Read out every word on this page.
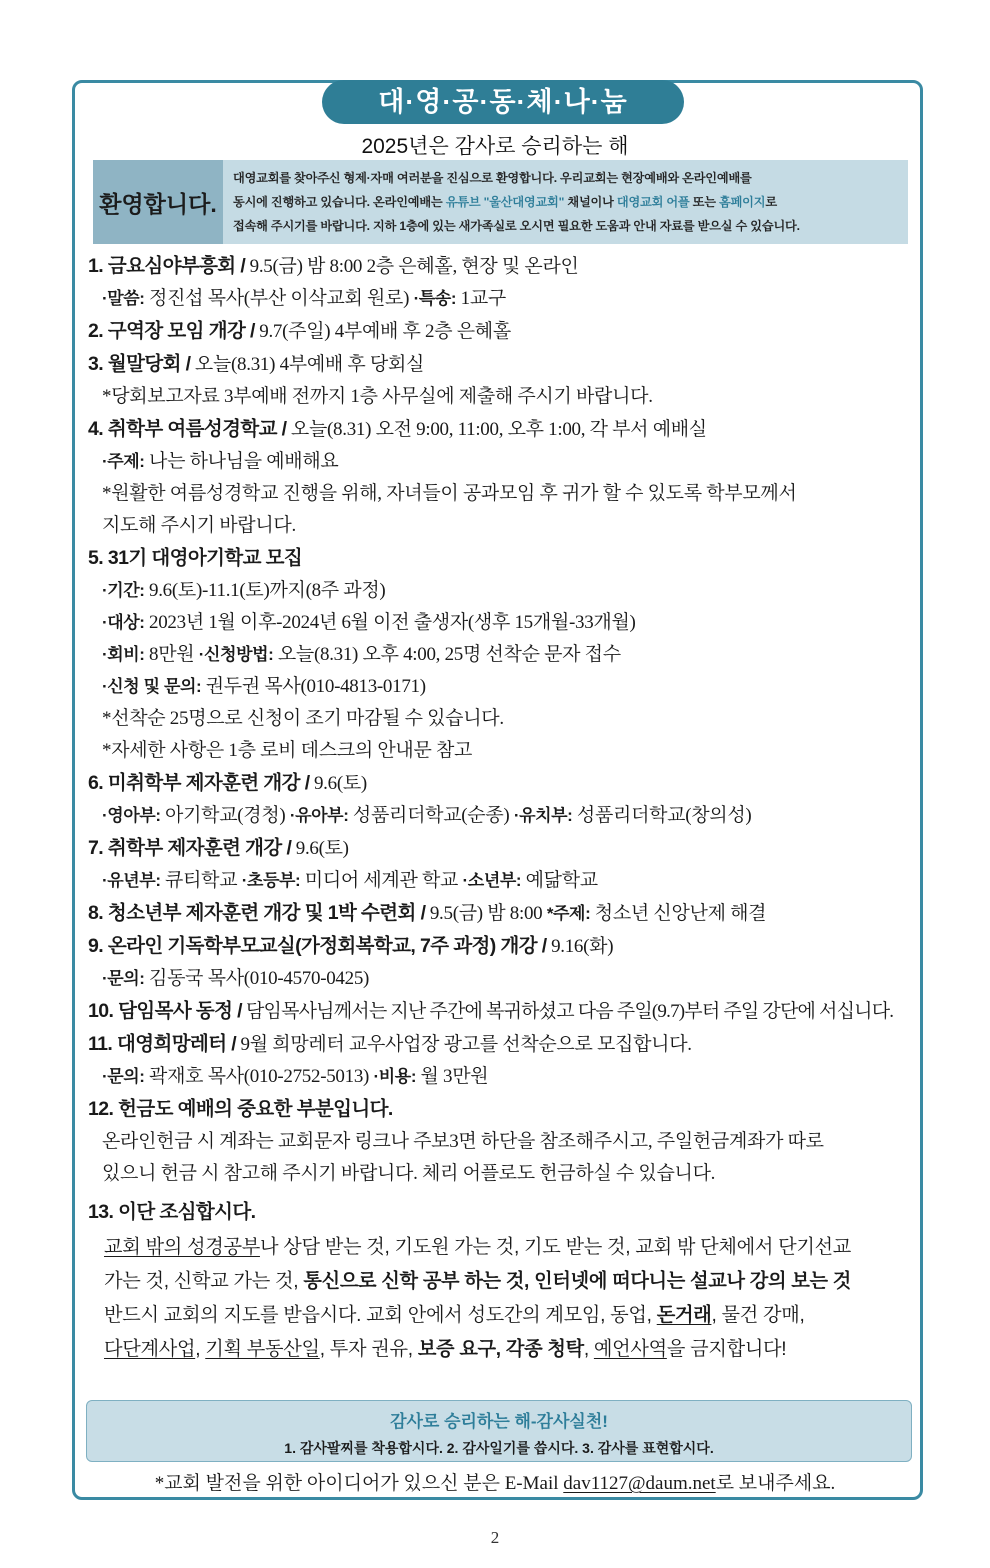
대·영·공·동·체·나·눔
2025년은 감사로 승리하는 해
환영합니다.
대영교회를 찾아주신 형제·자매 여러분을 진심으로 환영합니다. 우리교회는 현장예배와 온라인예배를
동시에 진행하고 있습니다. 온라인예배는 유튜브 "울산대영교회" 채널이나 대영교회 어플 또는 홈페이지로
접속해 주시기를 바랍니다. 지하 1층에 있는 새가족실로 오시면 필요한 도움과 안내 자료를 받으실 수 있습니다.
1. 금요심야부흥회 / 9.5(금) 밤 8:00 2층 은혜홀, 현장 및 온라인
·말씀: 정진섭 목사(부산 이삭교회 원로) ·특송: 1교구
2. 구역장 모임 개강 / 9.7(주일) 4부예배 후 2층 은혜홀
3. 월말당회 / 오늘(8.31) 4부예배 후 당회실
*당회보고자료 3부예배 전까지 1층 사무실에 제출해 주시기 바랍니다.
4. 취학부 여름성경학교 / 오늘(8.31) 오전 9:00, 11:00, 오후 1:00, 각 부서 예배실
·주제: 나는 하나님을 예배해요
*원활한 여름성경학교 진행을 위해, 자녀들이 공과모임 후 귀가 할 수 있도록 학부모께서
지도해 주시기 바랍니다.
5. 31기 대영아기학교 모집
·기간: 9.6(토)-11.1(토)까지(8주 과정)
·대상: 2023년 1월 이후-2024년 6월 이전 출생자(생후 15개월-33개월)
·회비: 8만원 ·신청방법: 오늘(8.31) 오후 4:00, 25명 선착순 문자 접수
·신청 및 문의: 권두권 목사(010-4813-0171)
*선착순 25명으로 신청이 조기 마감될 수 있습니다.
*자세한 사항은 1층 로비 데스크의 안내문 참고
6. 미취학부 제자훈련 개강 / 9.6(토)
·영아부: 아기학교(경청) ·유아부: 성품리더학교(순종) ·유치부: 성품리더학교(창의성)
7. 취학부 제자훈련 개강 / 9.6(토)
·유년부: 큐티학교 ·초등부: 미디어 세계관 학교 ·소년부: 예닮학교
8. 청소년부 제자훈련 개강 및 1박 수련회 / 9.5(금) 밤 8:00 *주제: 청소년 신앙난제 해결
9. 온라인 기독학부모교실(가정회복학교, 7주 과정) 개강 / 9.16(화)
·문의: 김동국 목사(010-4570-0425)
10. 담임목사 동정 / 담임목사님께서는 지난 주간에 복귀하셨고 다음 주일(9.7)부터 주일 강단에 서십니다.
11. 대영희망레터 / 9월 희망레터 교우사업장 광고를 선착순으로 모집합니다.
·문의: 곽재호 목사(010-2752-5013) ·비용: 월 3만원
12. 헌금도 예배의 중요한 부분입니다.
온라인헌금 시 계좌는 교회문자 링크나 주보3면 하단을 참조해주시고, 주일헌금계좌가 따로
있으니 헌금 시 참고해 주시기 바랍니다. 체리 어플로도 헌금하실 수 있습니다.
13. 이단 조심합시다.
교회 밖의 성경공부나 상담 받는 것, 기도원 가는 것, 기도 받는 것, 교회 밖 단체에서 단기선교
가는 것, 신학교 가는 것, 통신으로 신학 공부 하는 것, 인터넷에 떠다니는 설교나 강의 보는 것
반드시 교회의 지도를 받읍시다. 교회 안에서 성도간의 계모임, 동업, 돈거래, 물건 강매,
다단계사업, 기획 부동산일, 투자 권유, 보증 요구, 각종 청탁, 예언사역을 금지합니다!
감사로 승리하는 해-감사실천!
1. 감사팔찌를 착용합시다. 2. 감사일기를 씁시다. 3. 감사를 표현합시다.
*교회 발전을 위한 아이디어가 있으신 분은 E-Mail dav1127@daum.net로 보내주세요.
2
